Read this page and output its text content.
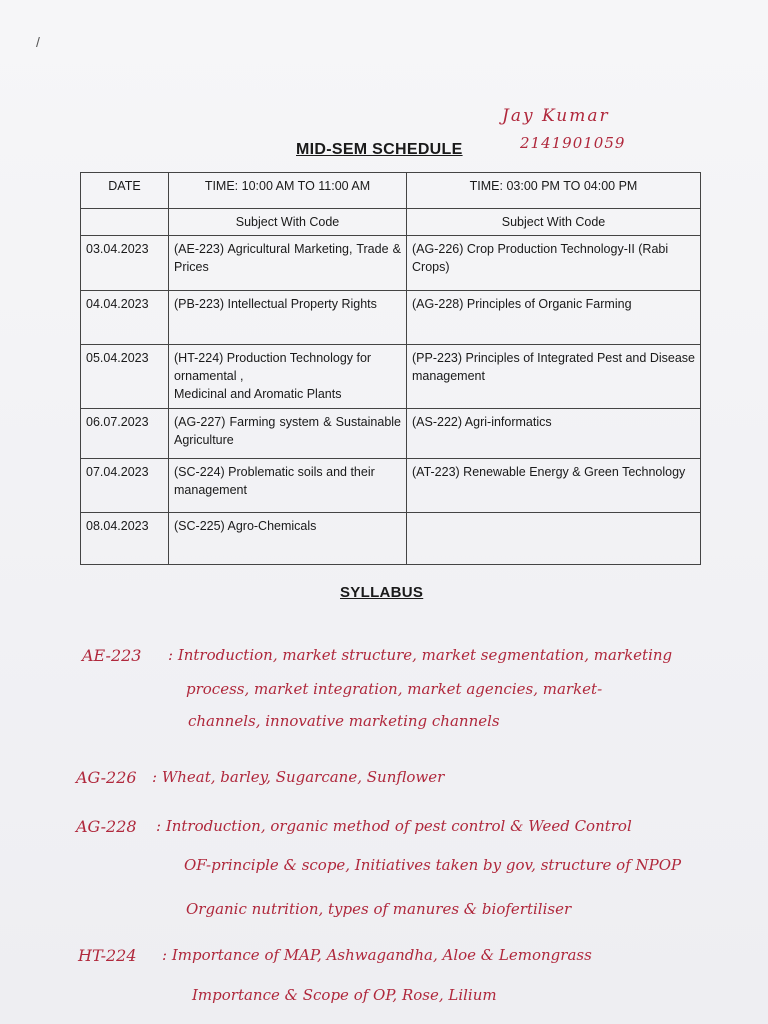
/
Jay Kumar
2141901059
MID-SEM SCHEDULE
DATE	TIME: 10:00 AM TO 11:00 AM	TIME: 03:00 PM TO 04:00 PM
	Subject With Code	Subject With Code
03.04.2023	(AE-223) Agricultural Marketing, Trade & Prices	(AG-226) Crop Production Technology-II (Rabi Crops)
04.04.2023	(PB-223) Intellectual Property Rights	(AG-228) Principles of Organic Farming
05.04.2023	(HT-224) Production Technology for ornamental ,
Medicinal and Aromatic Plants	(PP-223) Principles of Integrated Pest and Disease management
06.07.2023	(AG-227) Farming system & Sustainable Agriculture	(AS-222) Agri-informatics
07.04.2023	(SC-224) Problematic soils and their management	(AT-223) Renewable Energy & Green Technology
08.04.2023	(SC-225) Agro-Chemicals	
SYLLABUS
AE-223 : Introduction, market structure, market segmentation, marketing
process, market integration, market agencies, market-
channels, innovative marketing channels
AG-226 : Wheat, barley, Sugarcane, Sunflower
AG-228 : Introduction, organic method of pest control & Weed Control
OF-principle & scope, Initiatives taken by gov, structure of NPOP
Organic nutrition, types of manures & biofertiliser
HT-224 : Importance of MAP, Ashwagandha, Aloe & Lemongrass
Importance & Scope of OP, Rose, Lilium
